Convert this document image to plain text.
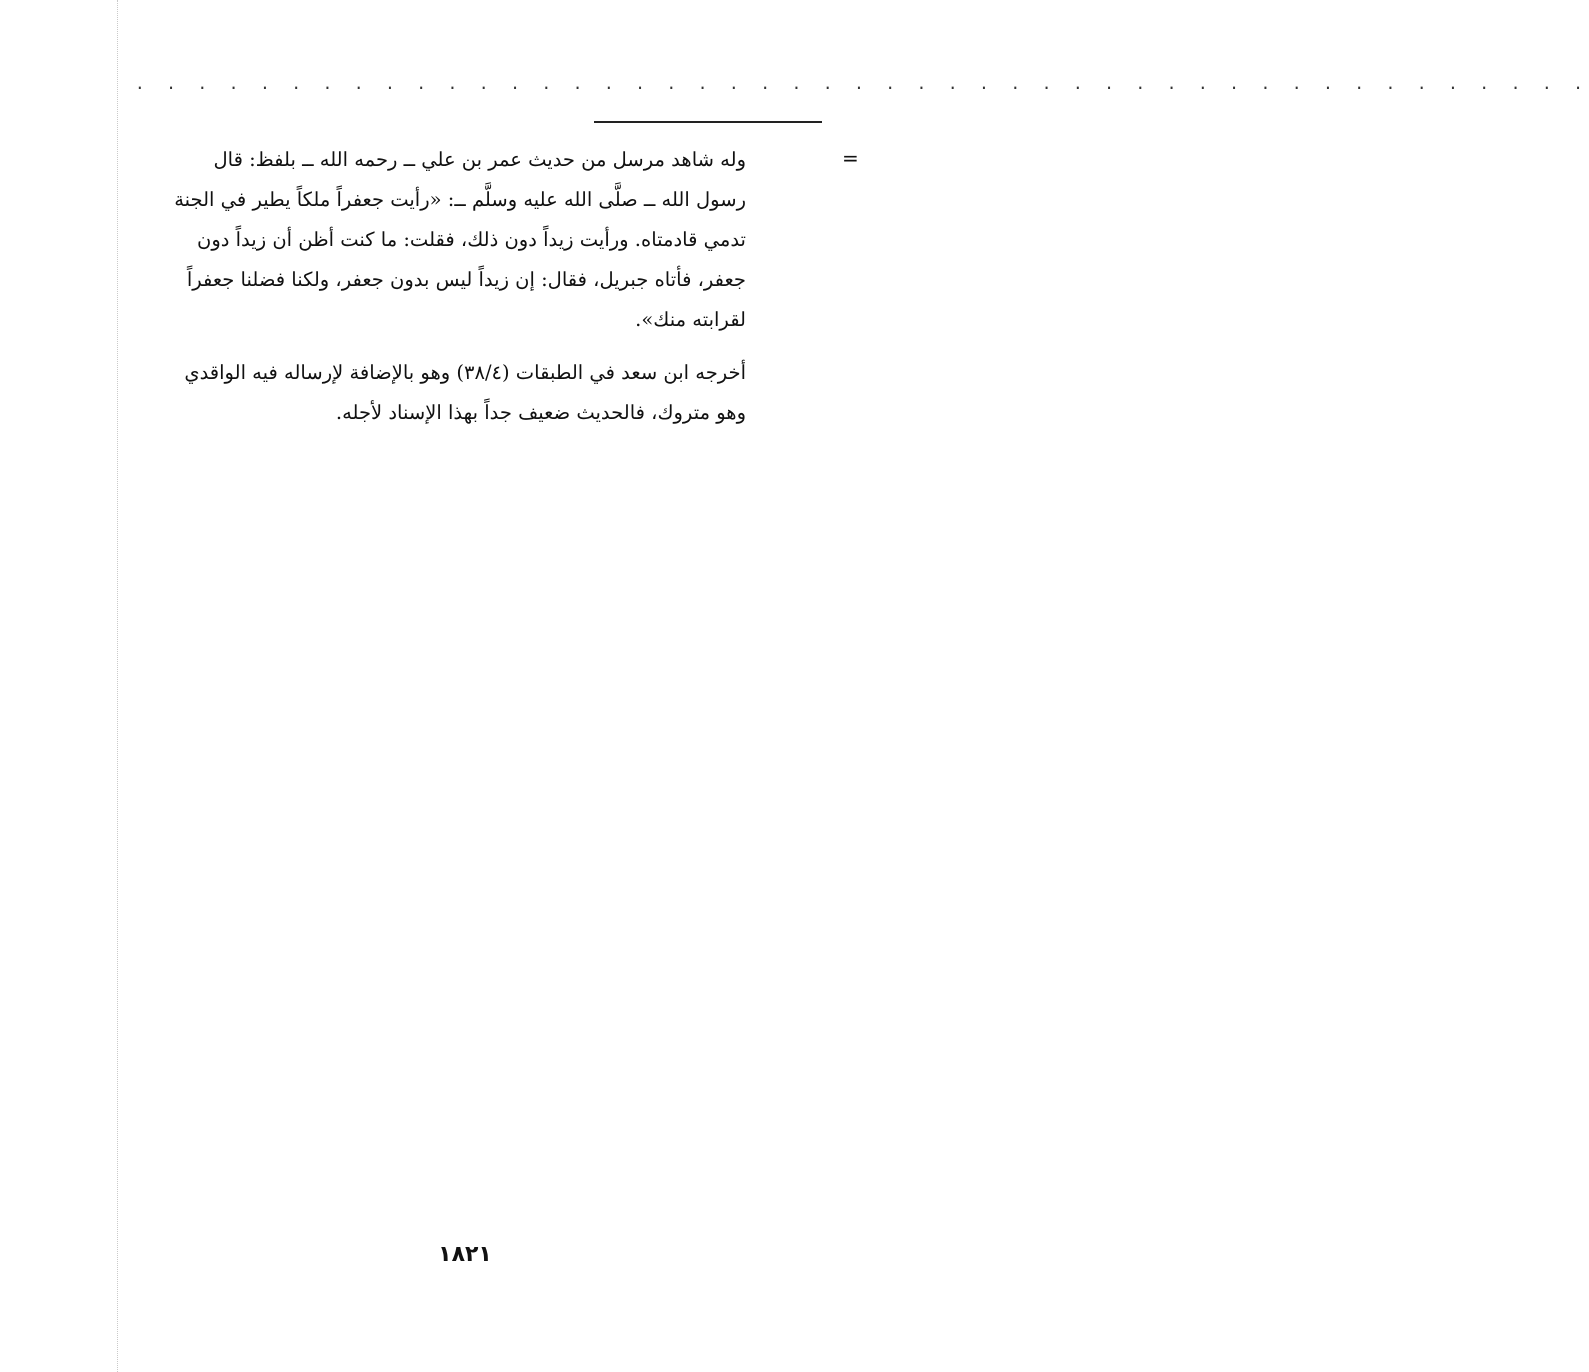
. . . . . . . . . . . . . . . . . . . . . . . . . . . . . . . . . . . . . . . . . . . . . . .
=
وله شاهد مرسل من حديث عمر بن علي ــ رحمه الله ــ بلفظ: قال
رسول الله ــ صلَّى الله عليه وسلَّم ــ: «رأيت جعفراً ملكاً يطير في الجنة
تدمي قادمتاه. ورأيت زيداً دون ذلك، فقلت: ما كنت أظن أن زيداً دون
جعفر، فأتاه جبريل، فقال: إن زيداً ليس بدون جعفر، ولكنا فضلنا جعفراً
لقرابته منك».
أخرجه ابن سعد في الطبقات (٣٨/٤) وهو بالإضافة لإرساله فيه الواقدي
وهو متروك، فالحديث ضعيف جداً بهذا الإسناد لأجله.
١٨٢١
